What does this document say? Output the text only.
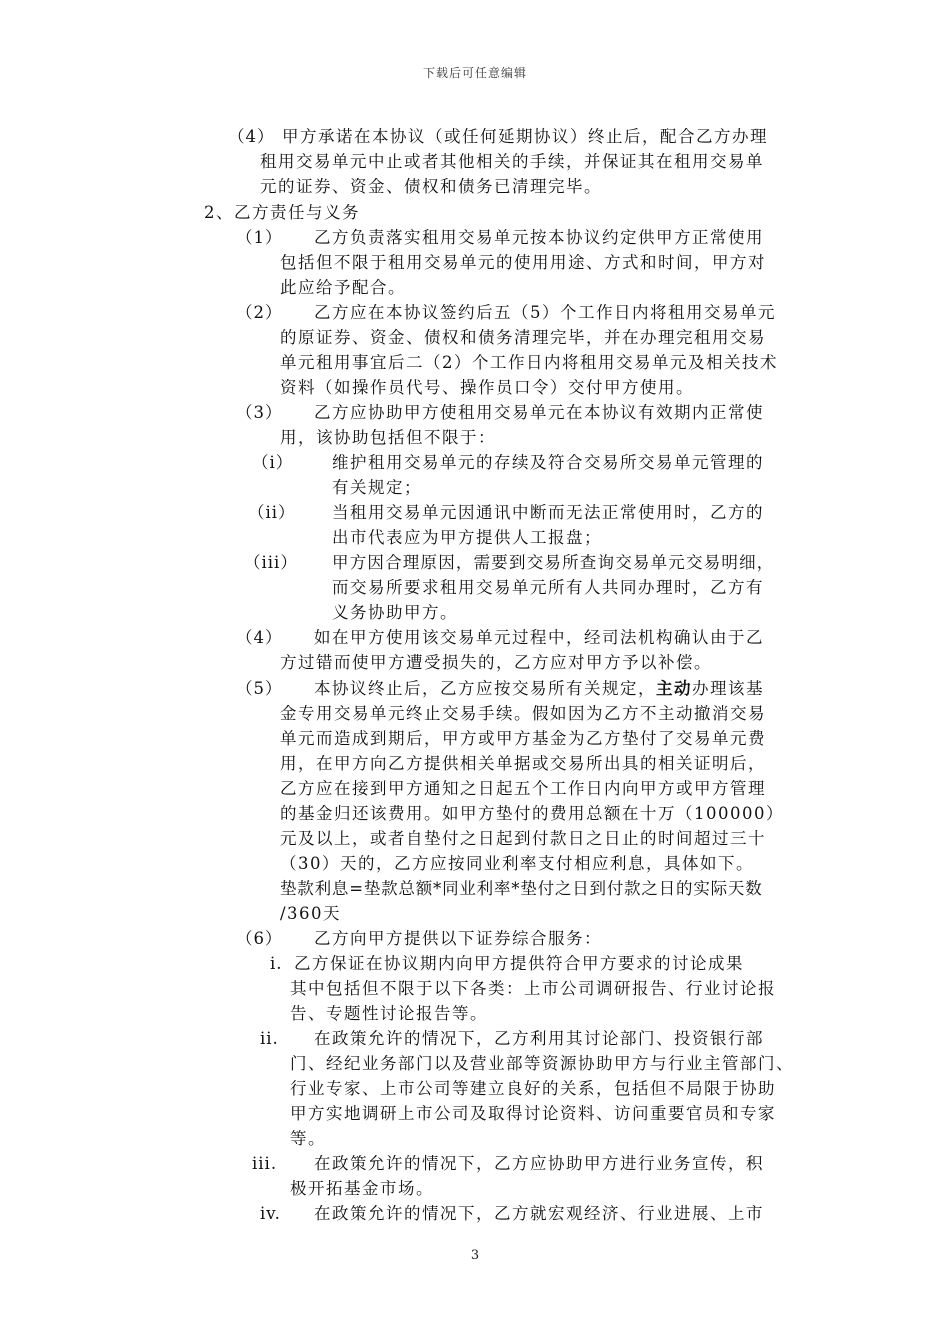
下载后可任意编辑
（4） 甲方承诺在本协议（或任何延期协议）终止后，配合乙方办理
租用交易单元中止或者其他相关的手续，并保证其在租用交易单
元的证券、资金、债权和债务已清理完毕。
2、乙方责任与义务
（1） 乙方负责落实租用交易单元按本协议约定供甲方正常使用
包括但不限于租用交易单元的使用用途、方式和时间，甲方对
此应给予配合。
（2） 乙方应在本协议签约后五（5）个工作日内将租用交易单元
的原证券、资金、债权和债务清理完毕，并在办理完租用交易
单元租用事宜后二（2）个工作日内将租用交易单元及相关技术
资料（如操作员代号、操作员口令）交付甲方使用。
（3） 乙方应协助甲方使租用交易单元在本协议有效期内正常使
用，该协助包括但不限于：
（i） 维护租用交易单元的存续及符合交易所交易单元管理的
有关规定；
（ii） 当租用交易单元因通讯中断而无法正常使用时，乙方的
出市代表应为甲方提供人工报盘；
（iii） 甲方因合理原因，需要到交易所查询交易单元交易明细，
而交易所要求租用交易单元所有人共同办理时，乙方有
义务协助甲方。
（4） 如在甲方使用该交易单元过程中，经司法机构确认由于乙
方过错而使甲方遭受损失的，乙方应对甲方予以补偿。
（5） 本协议终止后，乙方应按交易所有关规定，主动办理该基
金专用交易单元终止交易手续。假如因为乙方不主动撤消交易
单元而造成到期后，甲方或甲方基金为乙方垫付了交易单元费
用，在甲方向乙方提供相关单据或交易所出具的相关证明后，
乙方应在接到甲方通知之日起五个工作日内向甲方或甲方管理
的基金归还该费用。如甲方垫付的费用总额在十万（100000）
元及以上，或者自垫付之日起到付款日之日止的时间超过三十
（30）天的，乙方应按同业利率支付相应利息，具体如下。
垫款利息=垫款总额*同业利率*垫付之日到付款之日的实际天数
/360天
（6） 乙方向甲方提供以下证券综合服务：
i. 乙方保证在协议期内向甲方提供符合甲方要求的讨论成果
其中包括但不限于以下各类：上市公司调研报告、行业讨论报
告、专题性讨论报告等。
ii. 在政策允许的情况下，乙方利用其讨论部门、投资银行部
门、经纪业务部门以及营业部等资源协助甲方与行业主管部门、
行业专家、上市公司等建立良好的关系，包括但不局限于协助
甲方实地调研上市公司及取得讨论资料、访问重要官员和专家
等。
iii. 在政策允许的情况下，乙方应协助甲方进行业务宣传，积
极开拓基金市场。
iv. 在政策允许的情况下，乙方就宏观经济、行业进展、上市
3
